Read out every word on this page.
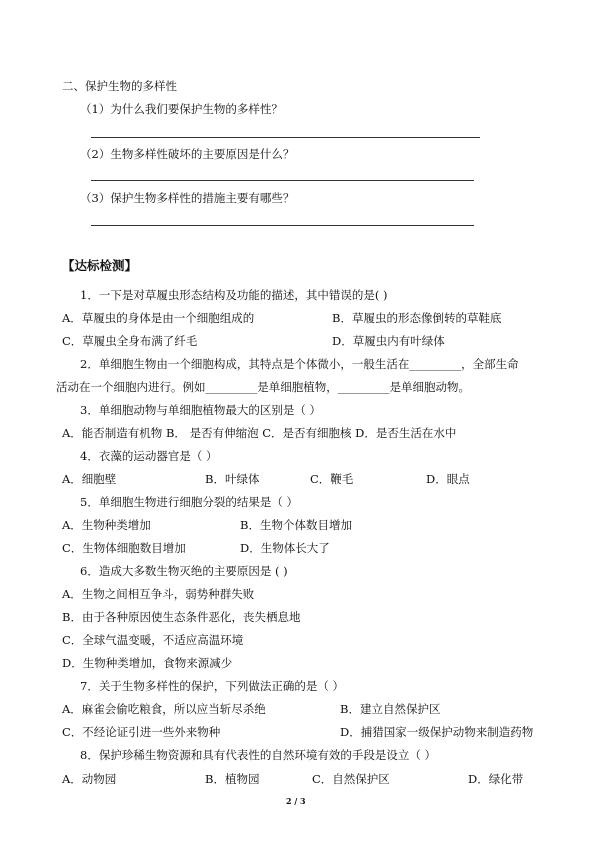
二、保护生物的多样性
（1）为什么我们要保护生物的多样性？
（2）生物多样性破坏的主要原因是什么？
（3）保护生物多样性的措施主要有哪些？
【达标检测】
1．一下是对草履虫形态结构及功能的描述，其中错误的是( )
A．草履虫的身体是由一个细胞组成的	B．草履虫的形态像倒转的草鞋底
C．草履虫全身布满了纤毛	D．草履虫内有叶绿体
2．单细胞生物由一个细胞构成，其特点是个体微小，一般生活在_________，全部生命
活动在一个细胞内进行。例如_________是单细胞植物，_________是单细胞动物。
3．单细胞动物与单细胞植物最大的区别是（ ）
A．能否制造有机物 B． 是否有伸缩泡 C．是否有细胞核 D．是否生活在水中
4．衣藻的运动器官是（ ）
A．细胞壁	B．叶绿体	C．鞭毛	D．眼点
5．单细胞生物进行细胞分裂的结果是（ ）
A．生物种类增加	B．生物个体数目增加
C．生物体细胞数目增加	D．生物体长大了
6．造成大多数生物灭绝的主要原因是 ( )
A．生物之间相互争斗，弱势种群失败
B．由于各种原因使生态条件恶化，丧失栖息地
C．全球气温变暖，不适应高温环境
D．生物种类增加，食物来源减少
7．关于生物多样性的保护，下列做法正确的是（ ）
A．麻雀会偷吃粮食，所以应当斩尽杀绝	B．建立自然保护区
C．不经论证引进一些外来物种	D．捕猎国家一级保护动物来制造药物
8．保护珍稀生物资源和具有代表性的自然环境有效的手段是设立（ ）
A．动物园	B．植物园	C．自然保护区	D．绿化带
2 / 3
